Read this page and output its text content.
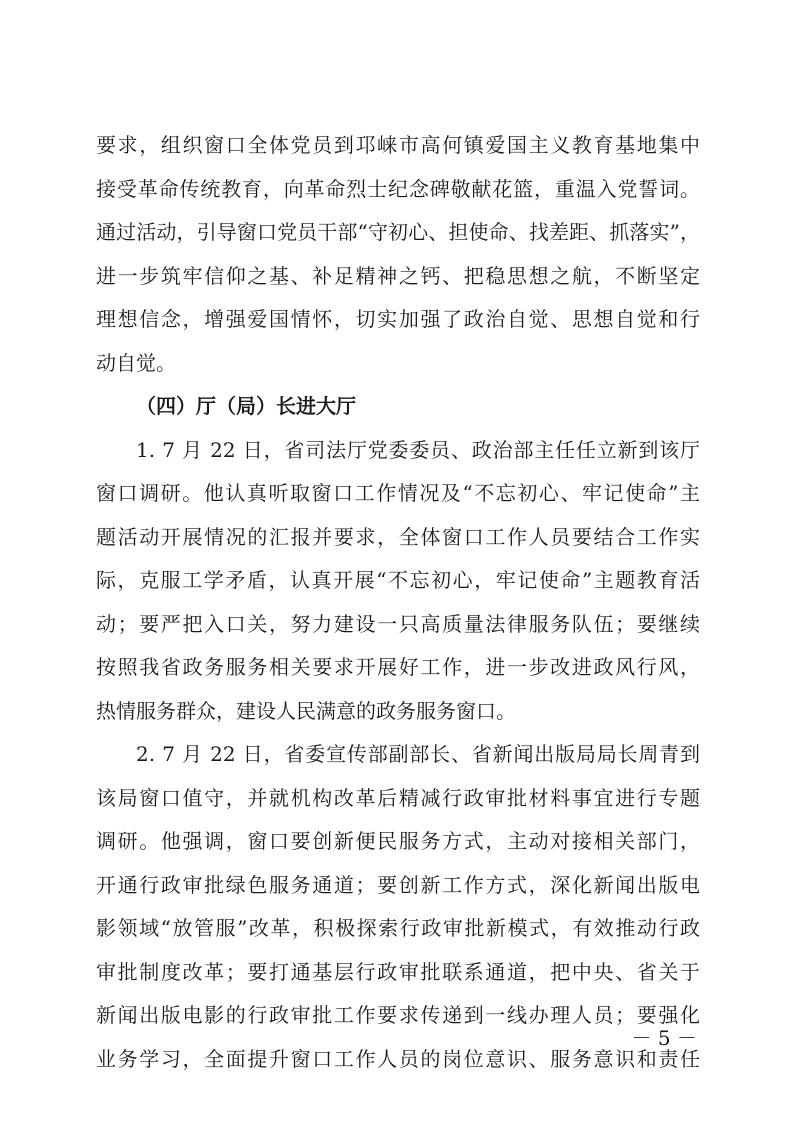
要求，组织窗口全体党员到邛崃市高何镇爱国主义教育基地集中
接受革命传统教育，向革命烈士纪念碑敬献花篮，重温入党誓词。
通过活动，引导窗口党员干部“守初心、担使命、找差距、抓落实”，
进一步筑牢信仰之基、补足精神之钙、把稳思想之航，不断坚定
理想信念，增强爱国情怀，切实加强了政治自觉、思想自觉和行
动自觉。
（四）厅（局）长进大厅
1. 7 月 22 日，省司法厅党委委员、政治部主任任立新到该厅
窗口调研。他认真听取窗口工作情况及“不忘初心、牢记使命”主
题活动开展情况的汇报并要求，全体窗口工作人员要结合工作实
际，克服工学矛盾，认真开展“不忘初心，牢记使命”主题教育活
动；要严把入口关，努力建设一只高质量法律服务队伍；要继续
按照我省政务服务相关要求开展好工作，进一步改进政风行风，
热情服务群众，建设人民满意的政务服务窗口。
2. 7 月 22 日，省委宣传部副部长、省新闻出版局局长周青到
该局窗口值守，并就机构改革后精减行政审批材料事宜进行专题
调研。他强调，窗口要创新便民服务方式，主动对接相关部门，
开通行政审批绿色服务通道；要创新工作方式，深化新闻出版电
影领域“放管服”改革，积极探索行政审批新模式，有效推动行政
审批制度改革；要打通基层行政审批联系通道，把中央、省关于
新闻出版电影的行政审批工作要求传递到一线办理人员；要强化
业务学习，全面提升窗口工作人员的岗位意识、服务意识和责任
－ 5 －
